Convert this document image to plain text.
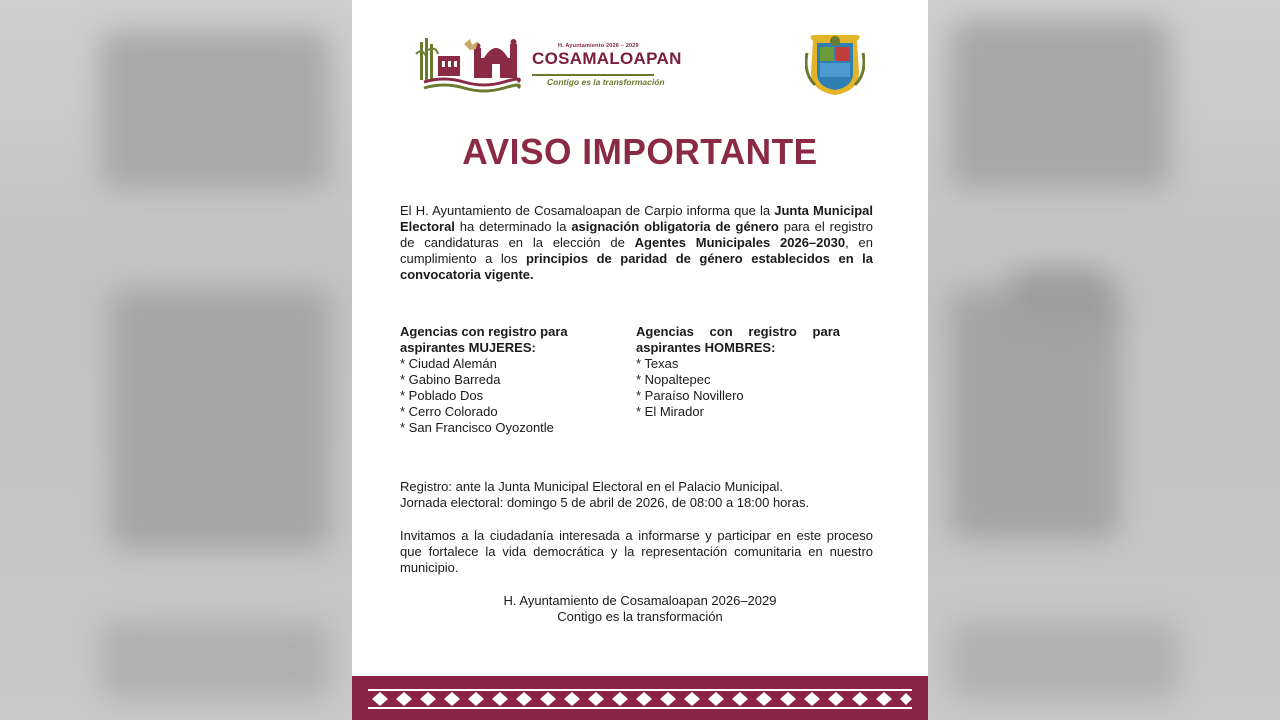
H. Ayuntamiento 2026 – 2029
COSAMALOAPAN
Contigo es la transformación
AVISO IMPORTANTE
El H. Ayuntamiento de Cosamaloapan de Carpio informa que la Junta Municipal Electoral ha determinado la asignación obligatoria de género para el registro de candidaturas en la elección de Agentes Municipales 2026–2030, en cumplimiento a los principios de paridad de género establecidos en la convocatoria vigente.
Agencias con registro para
aspirantes MUJERES:
* Ciudad Alemán
* Gabino Barreda
* Poblado Dos
* Cerro Colorado
* San Francisco Oyozontle
Agencias con registro para
aspirantes HOMBRES:
* Texas
* Nopaltepec
* Paraíso Novillero
* El Mirador
Registro: ante la Junta Municipal Electoral en el Palacio Municipal.
Jornada electoral: domingo 5 de abril de 2026, de 08:00 a 18:00 horas.
Invitamos a la ciudadanía interesada a informarse y participar en este proceso que fortalece la vida democrática y la representación comunitaria en nuestro municipio.
H. Ayuntamiento de Cosamaloapan 2026–2029
Contigo es la transformación
